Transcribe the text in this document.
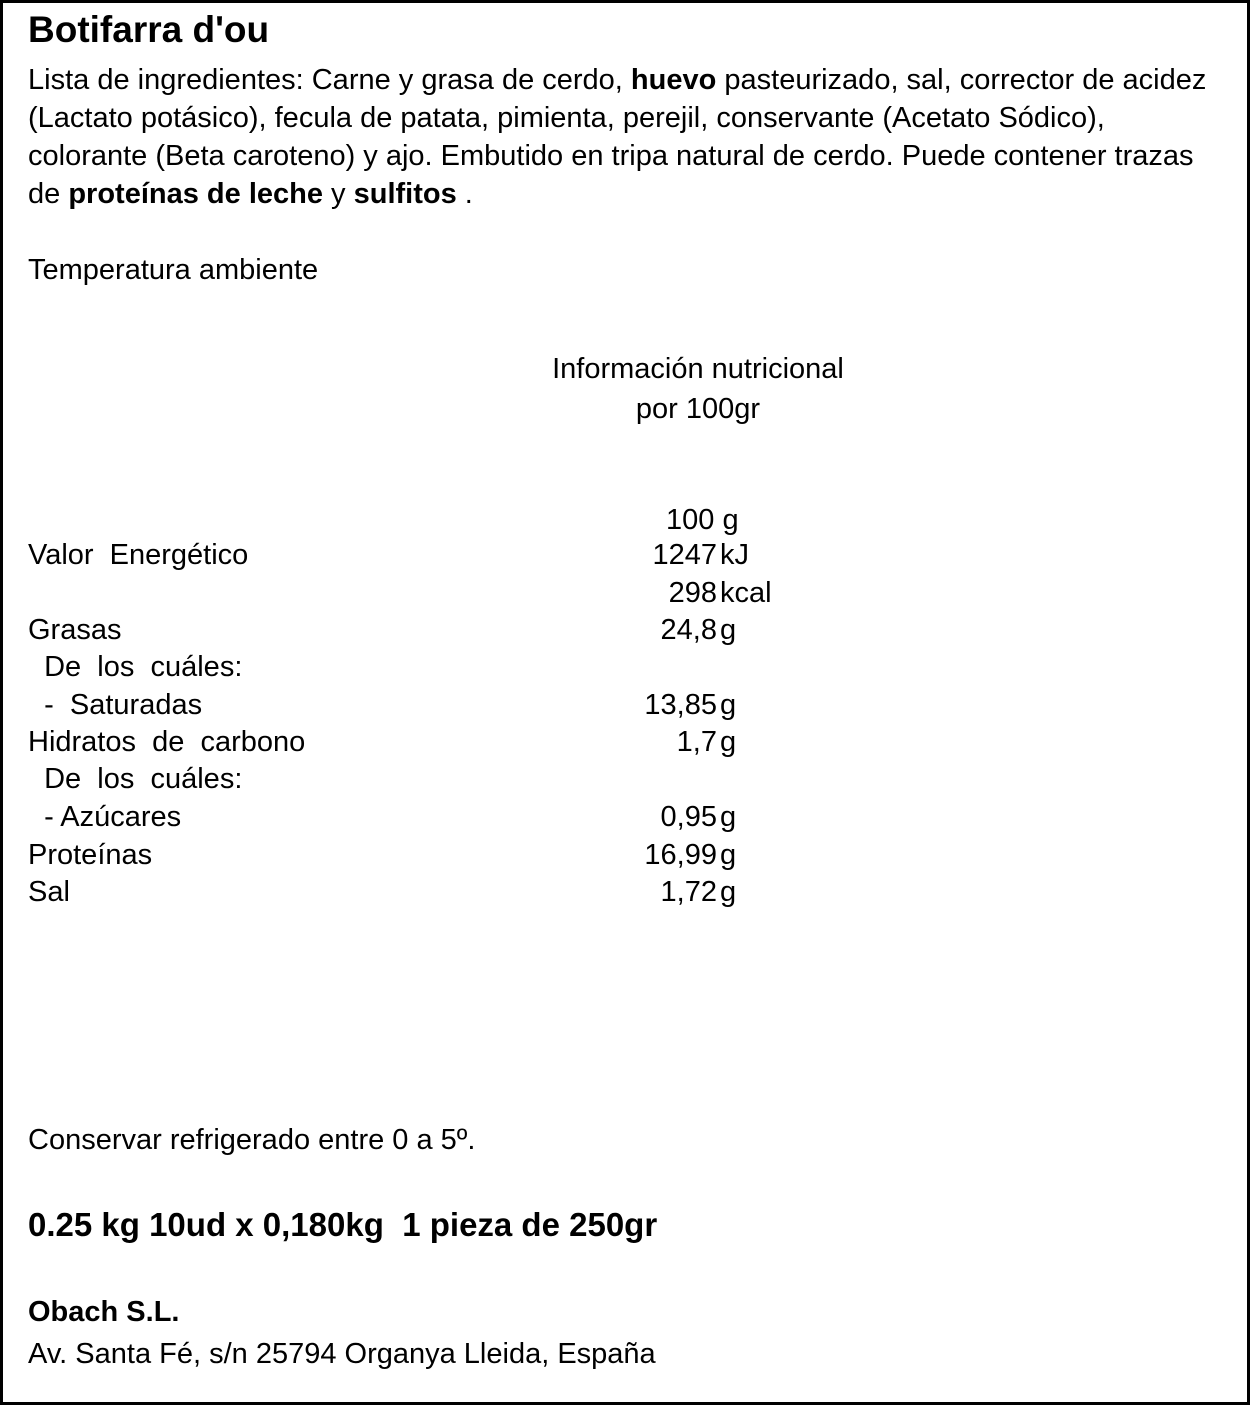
Botifarra d'ou
Lista de ingredientes: Carne y grasa de cerdo, huevo pasteurizado, sal, corrector de acidez (Lactato potásico), fecula de patata, pimienta, perejil, conservante (Acetato Sódico), colorante (Beta caroteno) y ajo. Embutido en tripa natural de cerdo. Puede contener trazas de proteínas de leche y sulfitos .
Temperatura ambiente
Información nutricional
por 100gr
100 g
Valor  Energético	1247 kJ
298 kcal
Grasas	24,8 g
De  los  cuáles:
-  Saturadas	13,85 g
Hidratos  de  carbono	1,7 g
De  los  cuáles:
- Azúcares	0,95 g
Proteínas	16,99 g
Sal	1,72 g
Conservar refrigerado entre 0 a 5º.
0.25 kg 10ud x 0,180kg  1 pieza de 250gr
Obach S.L.
Av. Santa Fé, s/n 25794 Organya Lleida, España
